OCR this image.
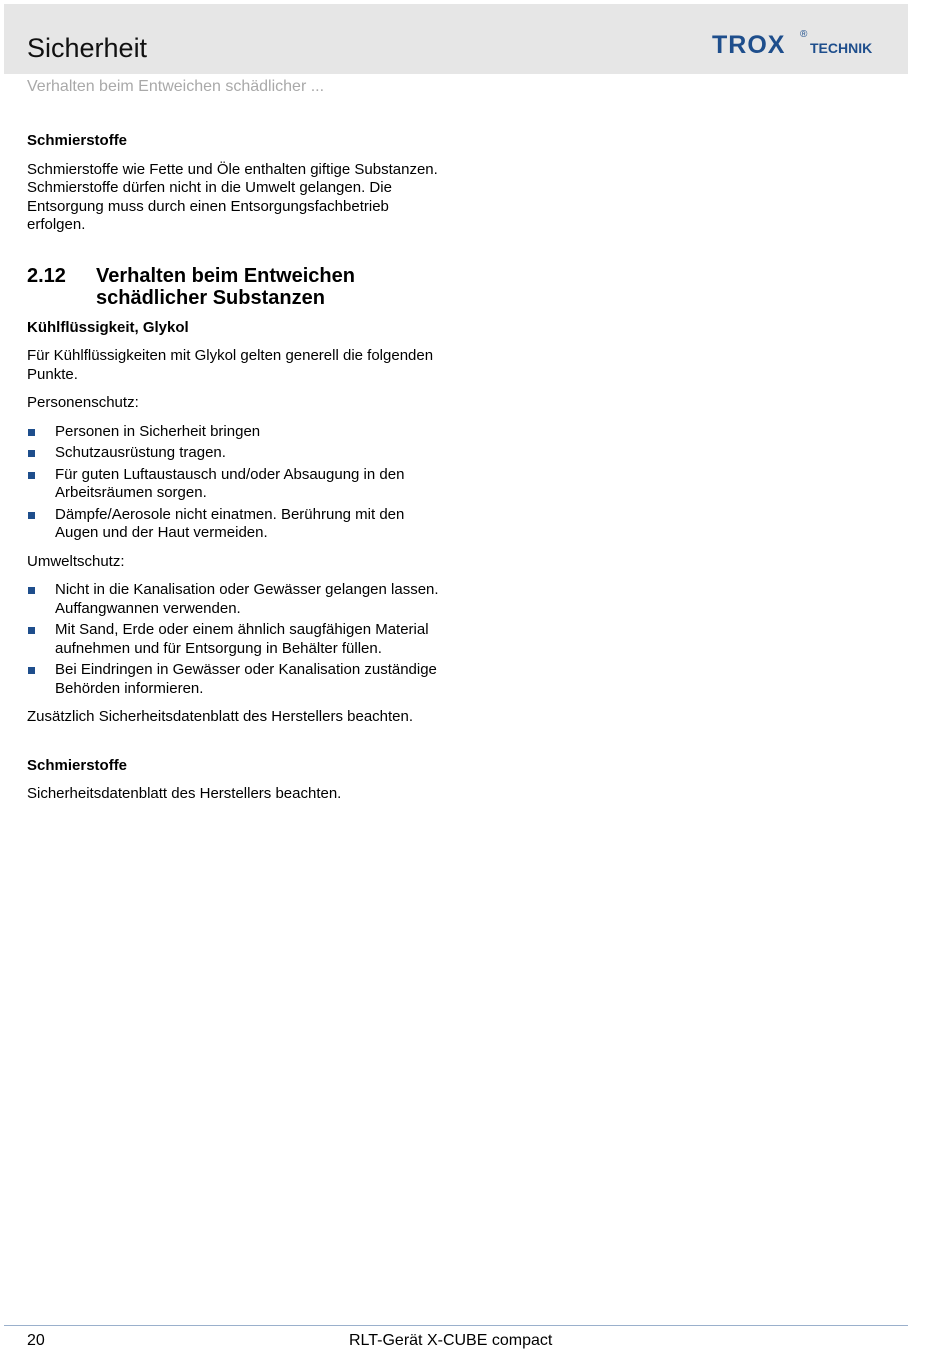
Sicherheit	TROX ®
TECHNIK
Verhalten beim Entweichen schädlicher ...
Schmierstoffe

Schmierstoffe wie Fette und Öle enthalten giftige Substanzen. Schmierstoffe dürfen nicht in die Umwelt gelangen. Die Entsorgung muss durch einen Entsorgungsfachbetrieb erfolgen.

2.12	Verhalten beim Entweichen schädlicher Substanzen
Kühlflüssigkeit, Glykol

Für Kühlflüssigkeiten mit Glykol gelten generell die folgenden Punkte.

Personenschutz:

Personen in Sicherheit bringen
Schutzausrüstung tragen.
Für guten Luftaustausch und/oder Absaugung in den Arbeitsräumen sorgen.
Dämpfe/Aerosole nicht einatmen. Berührung mit den Augen und der Haut vermeiden.

Umweltschutz:

Nicht in die Kanalisation oder Gewässer gelangen lassen. Auffangwannen verwenden.
Mit Sand, Erde oder einem ähnlich saugfähigen Material aufnehmen und für Entsorgung in Behälter füllen.
Bei Eindringen in Gewässer oder Kanalisation zuständige Behörden informieren.

Zusätzlich Sicherheitsdatenblatt des Herstellers beachten.

Schmierstoffe

Sicherheitsdatenblatt des Herstellers beachten.

20	RLT-Gerät X-CUBE compact
